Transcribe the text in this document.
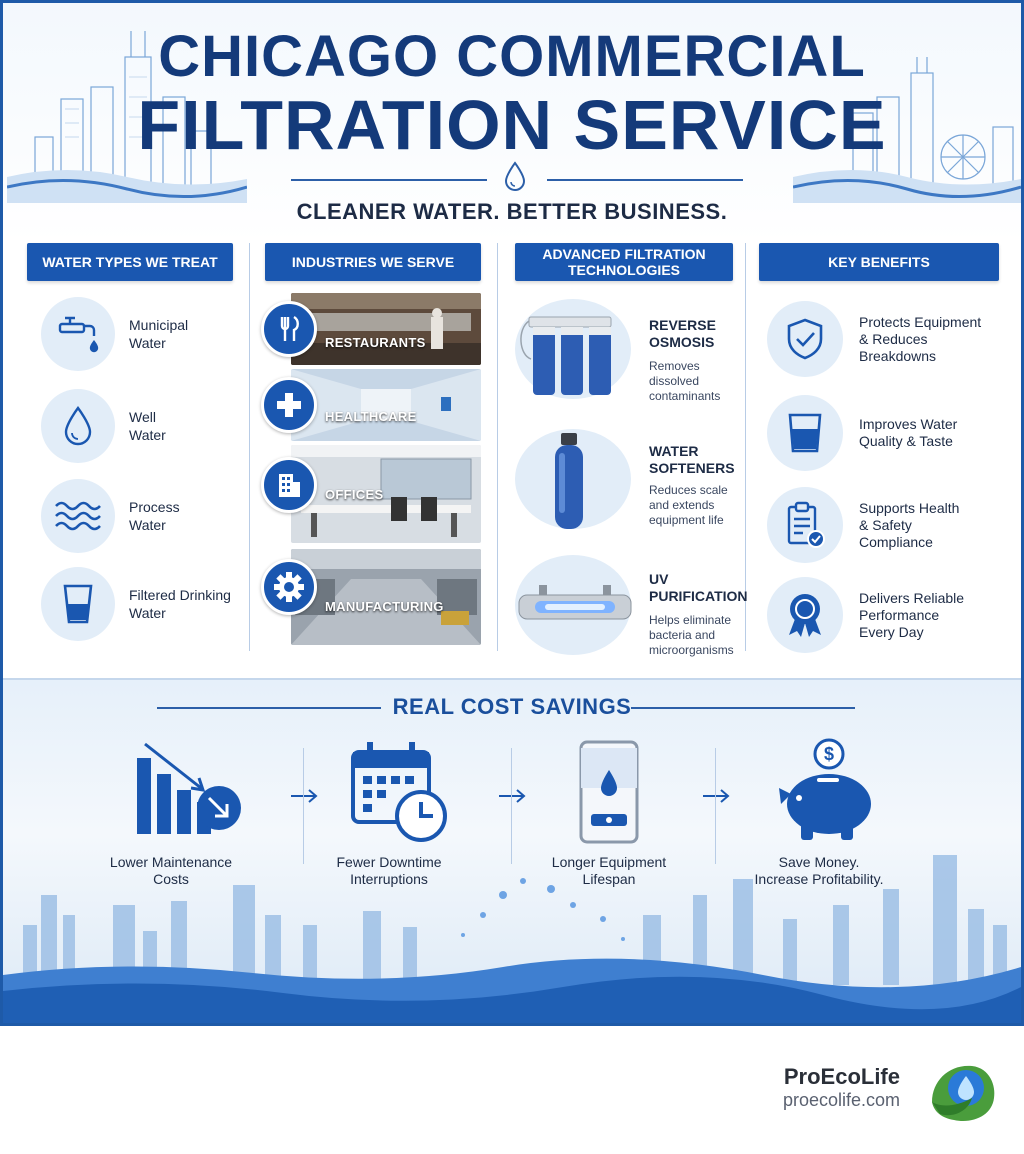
CHICAGO COMMERCIAL
FILTRATION SERVICE
CLEANER WATER. BETTER BUSINESS.
WATER TYPES WE TREAT	INDUSTRIES WE SERVE	ADVANCED FILTRATION TECHNOLOGIES	KEY BENEFITS
Municipal
Water
Well
Water
Process
Water
Filtered Drinking
Water
RESTAURANTS
HEALTHCARE
OFFICES
MANUFACTURING
REVERSE
OSMOSIS
Removes
dissolved
contaminants
WATER
SOFTENERS
Reduces scale
and extends
equipment life
UV
PURIFICATION
Helps eliminate
bacteria and
microorganisms
Protects Equipment
& Reduces
Breakdowns
Improves Water
Quality & Taste
Supports Health
& Safety
Compliance
Delivers Reliable
Performance
Every Day
REAL COST SAVINGS
Lower Maintenance
Costs
Fewer Downtime
Interruptions
Longer Equipment
Lifespan
$
Save Money.
Increase Profitability.
ProEcoLife
proecolife.com
